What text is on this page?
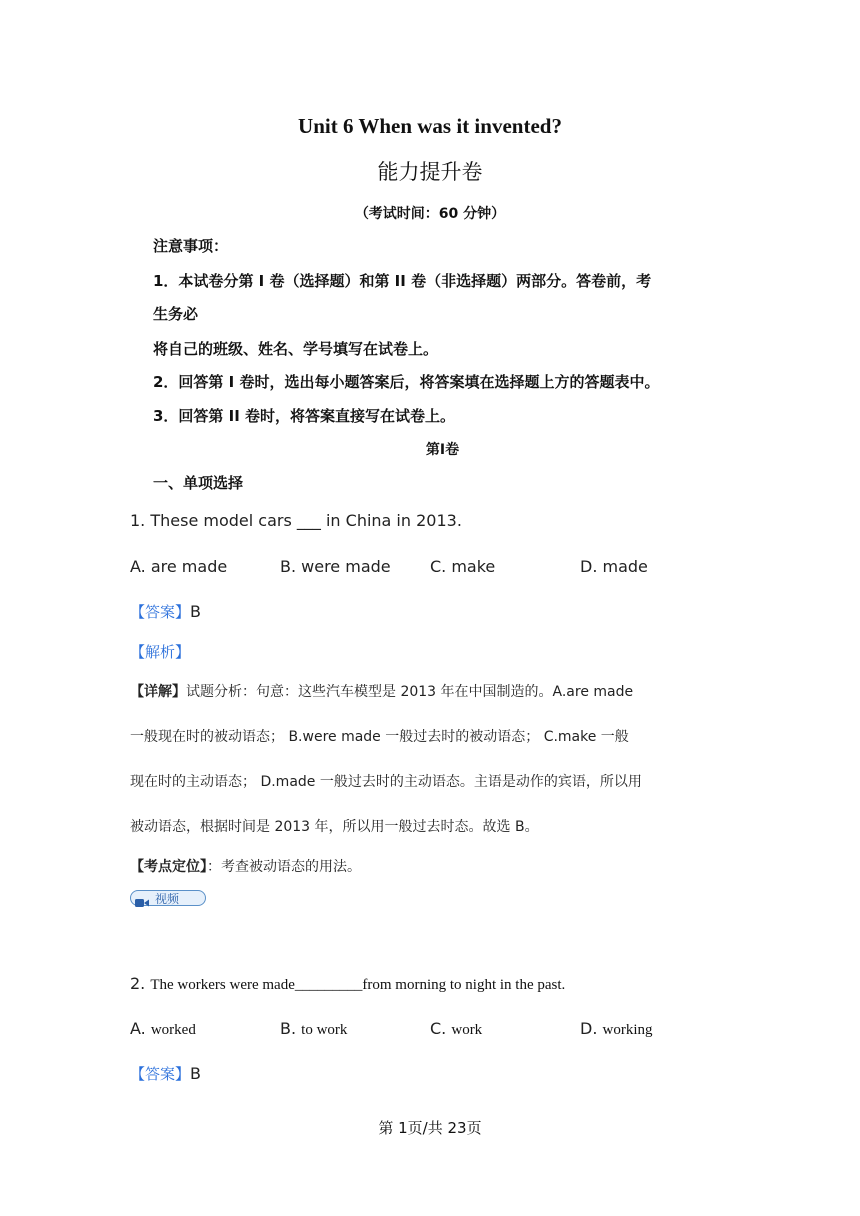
Unit 6 When was it invented?
能力提升卷
（考试时间：60 分钟）
注意事项：
1．本试卷分第 I 卷（选择题）和第 II 卷（非选择题）两部分。答卷前，考
生务必
将自己的班级、姓名、学号填写在试卷上。
2．回答第 I 卷时，选出每小题答案后，将答案填在选择题上方的答题表中。
3．回答第 II 卷时，将答案直接写在试卷上。
第Ⅰ卷
一、单项选择
1. These model cars ___ in China in 2013.
A. are made	B. were made C. make	D. made
【答案】B
【解析】
【详解】试题分析：句意：这些汽车模型是 2013 年在中国制造的。A.are made
一般现在时的被动语态； B.were made 一般过去时的被动语态； C.make 一般
现在时的主动语态； D.made 一般过去时的主动语态。主语是动作的宾语，所以用
被动语态，根据时间是 2013 年，所以用一般过去时态。故选 B。
【考点定位】：考查被动语态的用法。
视频
2. The workers were made_________from morning to night in the past.
A. worked	B. to work	C. work	D. working
【答案】B
第 1页/共 23页
